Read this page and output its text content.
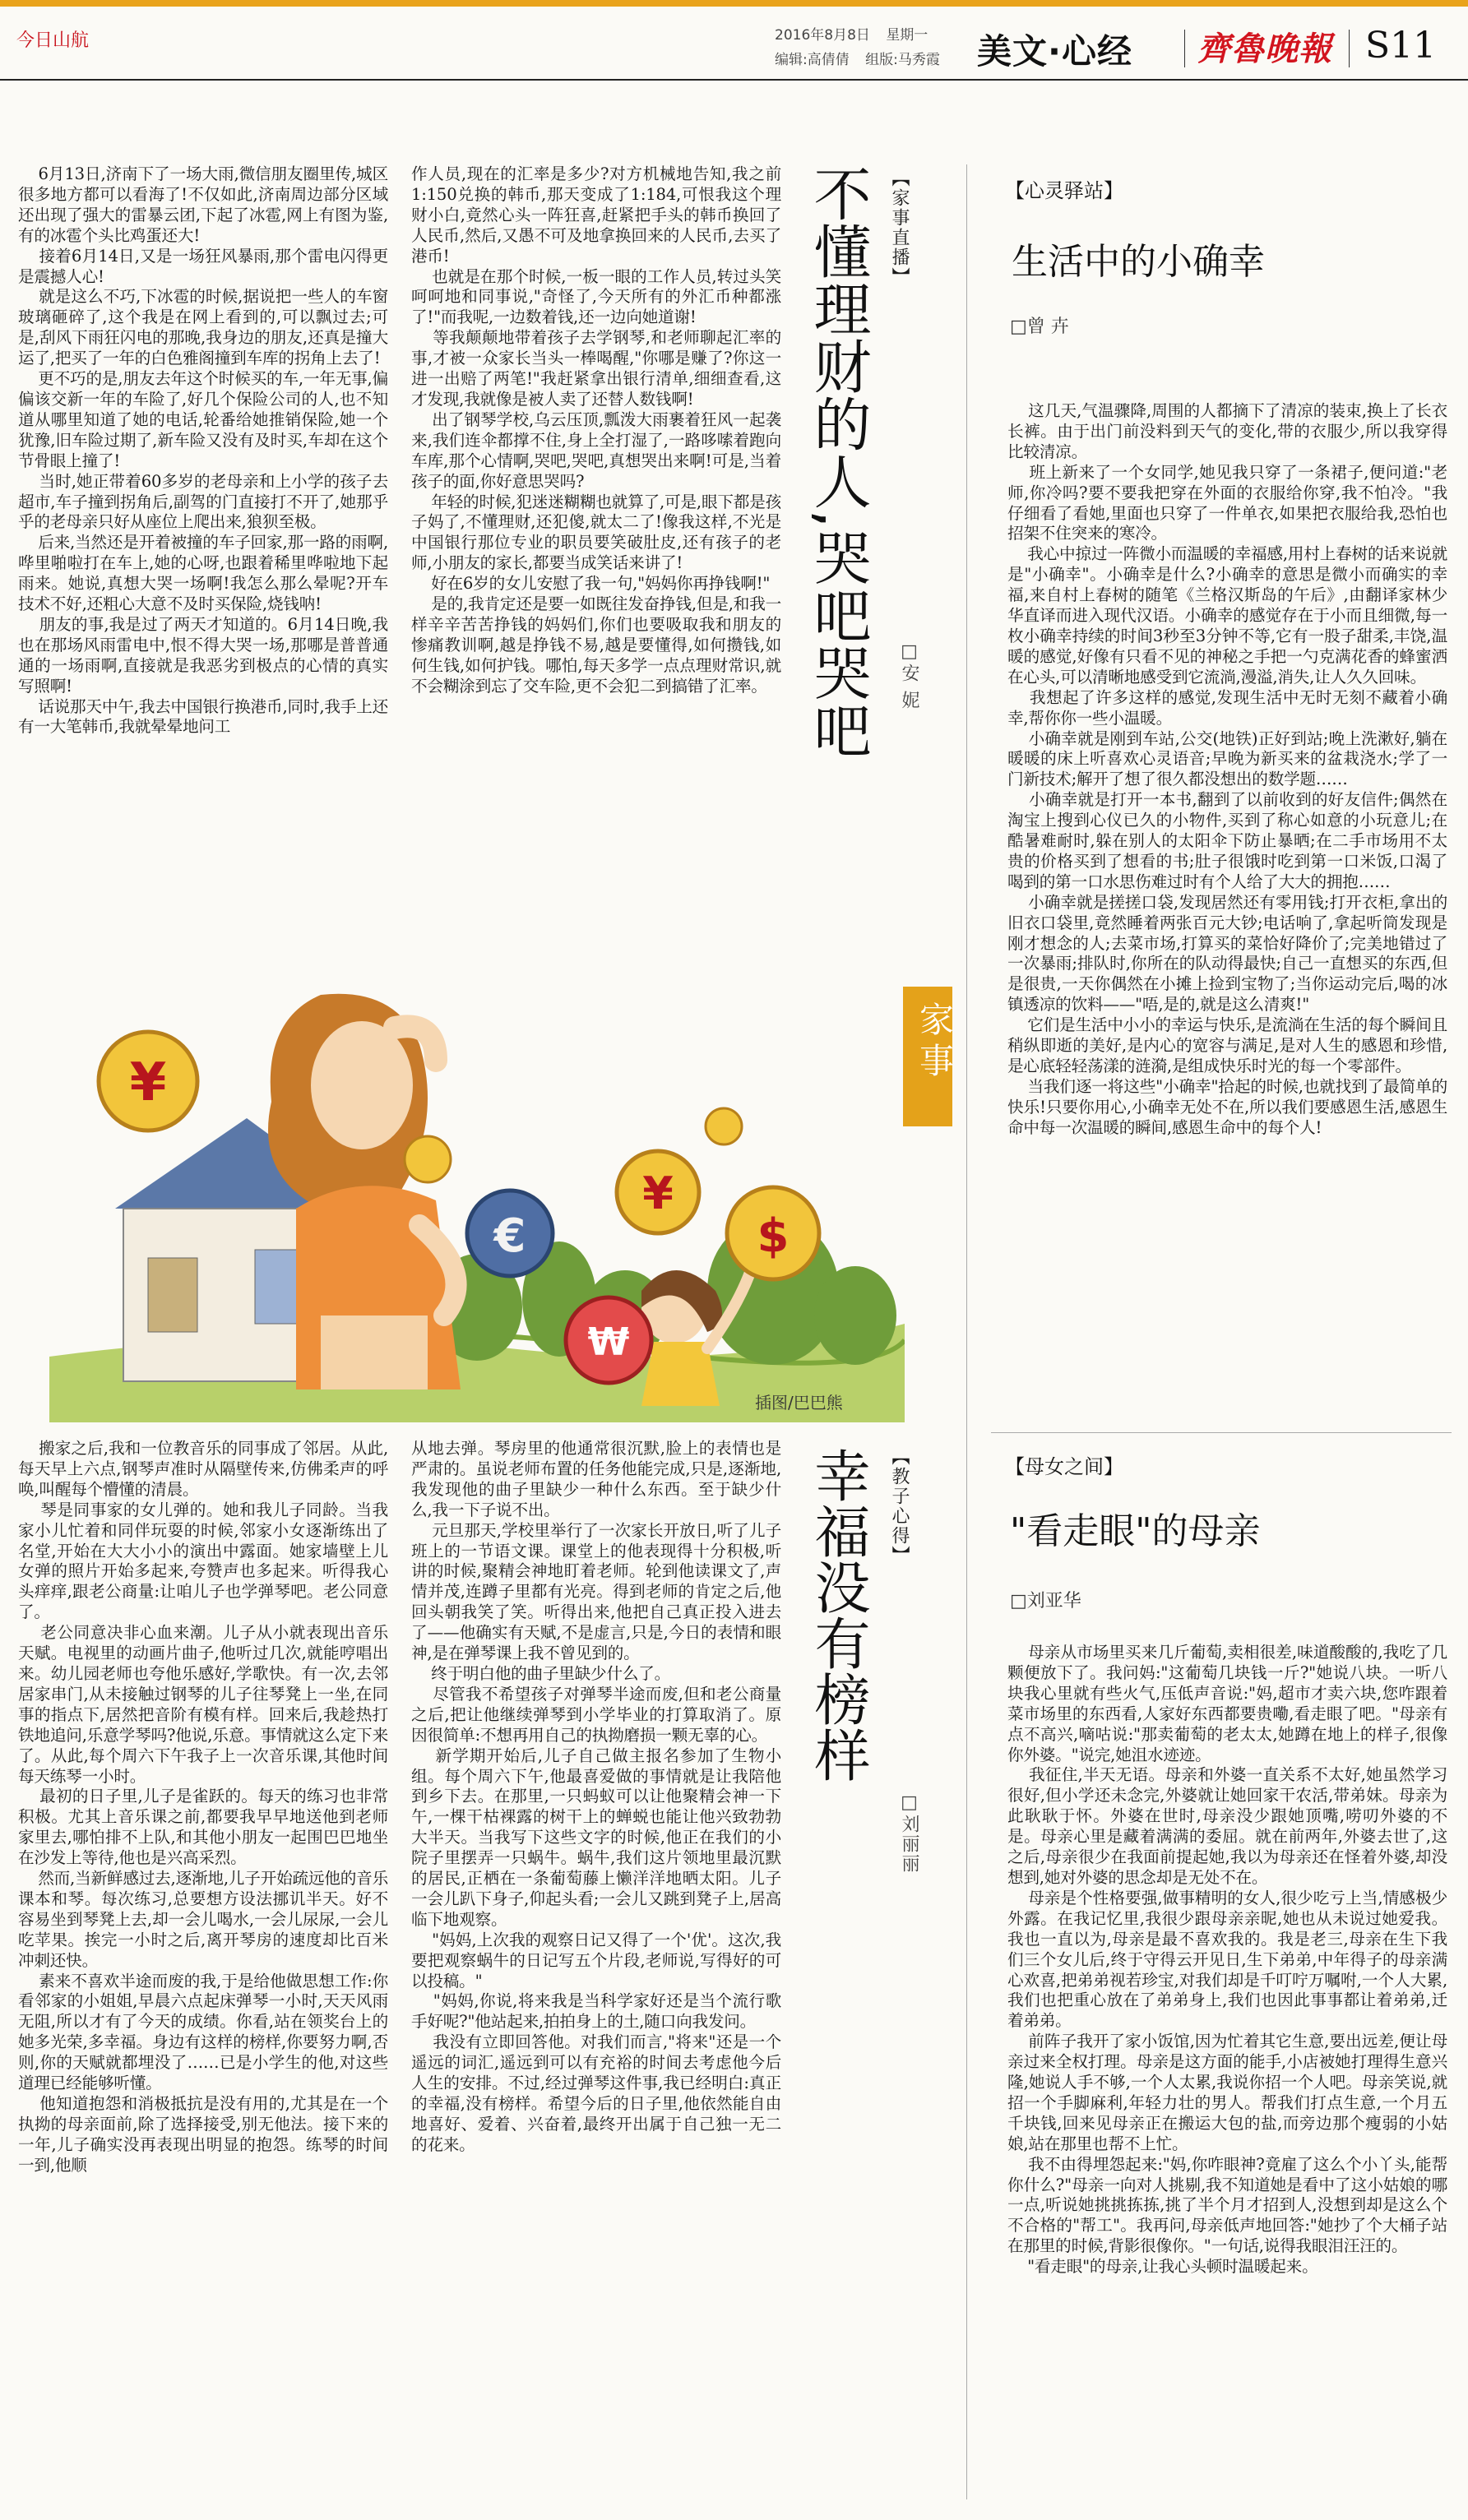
今日山航	2016年8月8日 星期一
编辑:高倩倩 组版:马秀霞 美文·心经 齊魯晚報 S11
6月13日,济南下了一场大雨,微信朋友圈里传,城区很多地方都可以看海了!不仅如此,济南周边部分区域还出现了强大的雷暴云团,下起了冰雹,网上有图为鉴,有的冰雹个头比鸡蛋还大!
接着6月14日,又是一场狂风暴雨,那个雷电闪得更是震撼人心!
就是这么不巧,下冰雹的时候,据说把一些人的车窗玻璃砸碎了,这个我是在网上看到的,可以飘过去;可是,刮风下雨狂闪电的那晚,我身边的朋友,还真是撞大运了,把买了一年的白色雅阁撞到车库的拐角上去了!
更不巧的是,朋友去年这个时候买的车,一年无事,偏偏该交新一年的车险了,好几个保险公司的人,也不知道从哪里知道了她的电话,轮番给她推销保险,她一个犹豫,旧车险过期了,新车险又没有及时买,车却在这个节骨眼上撞了!
当时,她正带着60多岁的老母亲和上小学的孩子去超市,车子撞到拐角后,副驾的门直接打不开了,她那乎乎的老母亲只好从座位上爬出来,狼狈至极。
后来,当然还是开着被撞的车子回家,那一路的雨啊,哗里啪啦打在车上,她的心呀,也跟着稀里哗啦地下起雨来。她说,真想大哭一场啊!我怎么那么晕呢?开车技术不好,还粗心大意不及时买保险,烧钱呐!
朋友的事,我是过了两天才知道的。6月14日晚,我也在那场风雨雷电中,恨不得大哭一场,那哪是普普通通的一场雨啊,直接就是我恶劣到极点的心情的真实写照啊!
话说那天中午,我去中国银行换港币,同时,我手上还有一大笔韩币,我就晕晕地问工
作人员,现在的汇率是多少?对方机械地告知,我之前1:150兑换的韩币,那天变成了1:184,可恨我这个理财小白,竟然心头一阵狂喜,赶紧把手头的韩币换回了人民币,然后,又愚不可及地拿换回来的人民币,去买了港币!
也就是在那个时候,一板一眼的工作人员,转过头笑呵呵地和同事说,"奇怪了,今天所有的外汇币种都涨了!"而我呢,一边数着钱,还一边向她道谢!
等我颠颠地带着孩子去学钢琴,和老师聊起汇率的事,才被一众家长当头一棒喝醒,"你哪是赚了?你这一进一出赔了两笔!"我赶紧拿出银行清单,细细查看,这才发现,我就像是被人卖了还替人数钱啊!
出了钢琴学校,乌云压顶,瓢泼大雨裹着狂风一起袭来,我们连伞都撑不住,身上全打湿了,一路哆嗦着跑向车库,那个心情啊,哭吧,哭吧,真想哭出来啊!可是,当着孩子的面,你好意思哭吗?
年轻的时候,犯迷迷糊糊也就算了,可是,眼下都是孩子妈了,不懂理财,还犯傻,就太二了!像我这样,不光是中国银行那位专业的职员要笑破肚皮,还有孩子的老师,小朋友的家长,都要当成笑话来讲了!
好在6岁的女儿安慰了我一句,"妈妈你再挣钱啊!"
是的,我肯定还是要一如既往发奋挣钱,但是,和我一样辛辛苦苦挣钱的妈妈们,你们也要吸取我和朋友的惨痛教训啊,越是挣钱不易,越是要懂得,如何攒钱,如何生钱,如何护钱。哪怕,每天多学一点点理财常识,就不会糊涂到忘了交车险,更不会犯二到搞错了汇率。 不懂理财的人,哭吧哭吧 【家事直播】
□安 妮
家事
¥
€
¥
$
₩
插图/巴巴熊
搬家之后,我和一位教音乐的同事成了邻居。从此,每天早上六点,钢琴声准时从隔壁传来,仿佛柔声的呼唤,叫醒每个懵懂的清晨。
琴是同事家的女儿弹的。她和我儿子同龄。当我家小儿忙着和同伴玩耍的时候,邻家小女逐渐练出了名堂,开始在大大小小的演出中露面。她家墙壁上儿女弹的照片开始多起来,夸赞声也多起来。听得我心头痒痒,跟老公商量:让咱儿子也学弹琴吧。老公同意了。
老公同意决非心血来潮。儿子从小就表现出音乐天赋。电视里的动画片曲子,他听过几次,就能哼唱出来。幼儿园老师也夸他乐感好,学歌快。有一次,去邻居家串门,从未接触过钢琴的儿子往琴凳上一坐,在同事的指点下,居然把音阶有模有样。回来后,我趁热打铁地追问,乐意学琴吗?他说,乐意。事情就这么定下来了。从此,每个周六下午我子上一次音乐课,其他时间每天练琴一小时。
最初的日子里,儿子是雀跃的。每天的练习也非常积极。尤其上音乐课之前,都要我早早地送他到老师家里去,哪怕排不上队,和其他小朋友一起围巴巴地坐在沙发上等待,他也是兴高采烈。
然而,当新鲜感过去,逐渐地,儿子开始疏远他的音乐课本和琴。每次练习,总要想方设法挪讥半天。好不容易坐到琴凳上去,却一会儿喝水,一会儿尿尿,一会儿吃苹果。挨完一小时之后,离开琴房的速度却比百米冲刺还快。
素来不喜欢半途而废的我,于是给他做思想工作:你看邻家的小姐姐,早晨六点起床弹琴一小时,天天风雨无阻,所以才有了今天的成绩。你看,站在领奖台上的她多光荣,多幸福。身边有这样的榜样,你要努力啊,否则,你的天赋就都埋没了……已是小学生的他,对这些道理已经能够听懂。
他知道抱怨和消极抵抗是没有用的,尤其是在一个执拗的母亲面前,除了选择接受,别无他法。接下来的一年,儿子确实没再表现出明显的抱怨。练琴的时间一到,他顺
从地去弹。琴房里的他通常很沉默,脸上的表情也是严肃的。虽说老师布置的任务他能完成,只是,逐渐地,我发现他的曲子里缺少一种什么东西。至于缺少什么,我一下子说不出。
元旦那天,学校里举行了一次家长开放日,听了儿子班上的一节语文课。课堂上的他表现得十分积极,听讲的时候,聚精会神地盯着老师。轮到他读课文了,声情并茂,连蹲子里都有光亮。得到老师的肯定之后,他回头朝我笑了笑。听得出来,他把自己真正投入进去了——他确实有天赋,不是虚言,只是,今日的表情和眼神,是在弹琴课上我不曾见到的。
终于明白他的曲子里缺少什么了。
尽管我不希望孩子对弹琴半途而废,但和老公商量之后,把让他继续弹琴到小学毕业的打算取消了。原因很简单:不想再用自己的执拗磨损一颗无辜的心。
新学期开始后,儿子自己做主报名参加了生物小组。每个周六下午,他最喜爱做的事情就是让我陪他到乡下去。在那里,一只蚂蚁可以让他聚精会神一下午,一棵干枯裸露的树干上的蝉蜕也能让他兴致勃勃大半天。当我写下这些文字的时候,他正在我们的小院子里摆弄一只蜗牛。蜗牛,我们这片领地里最沉默的居民,正栖在一条葡萄藤上懒洋洋地晒太阳。儿子一会儿趴下身子,仰起头看;一会儿又跳到凳子上,居高临下地观察。
"妈妈,上次我的观察日记又得了一个'优'。这次,我要把观察蜗牛的日记写五个片段,老师说,写得好的可以投稿。"
"妈妈,你说,将来我是当科学家好还是当个流行歌手好呢?"他站起来,拍拍身上的土,随口向我发问。
我没有立即回答他。对我们而言,"将来"还是一个遥远的词汇,遥远到可以有充裕的时间去考虑他今后人生的安排。不过,经过弹琴这件事,我已经明白:真正的幸福,没有榜样。希望今后的日子里,他依然能自由地喜好、爱着、兴奋着,最终开出属于自己独一无二的花来。
幸福没有榜样 【教子心得】
□刘丽丽
【心灵驿站】
生活中的小确幸
□曾 卉
这几天,气温骤降,周围的人都摘下了清凉的装束,换上了长衣长裤。由于出门前没料到天气的变化,带的衣服少,所以我穿得比较清凉。
班上新来了一个女同学,她见我只穿了一条裙子,便问道:"老师,你冷吗?要不要我把穿在外面的衣服给你穿,我不怕冷。"我仔细看了看她,里面也只穿了一件单衣,如果把衣服给我,恐怕也招架不住突来的寒冷。
我心中掠过一阵微小而温暖的幸福感,用村上春树的话来说就是"小确幸"。小确幸是什么?小确幸的意思是微小而确实的幸福,来自村上春树的随笔《兰格汉斯岛的午后》,由翻译家林少华直译而进入现代汉语。小确幸的感觉存在于小而且细微,每一枚小确幸持续的时间3秒至3分钟不等,它有一股子甜柔,丰饶,温暖的感觉,好像有只看不见的神秘之手把一勺克满花香的蜂蜜洒在心头,可以清晰地感受到它流淌,漫溢,消失,让人久久回味。
我想起了许多这样的感觉,发现生活中无时无刻不藏着小确幸,帮你你一些小温暖。
小确幸就是刚到车站,公交(地铁)正好到站;晚上洗漱好,躺在暖暖的床上听喜欢心灵语音;早晚为新买来的盆栽浇水;学了一门新技术;解开了想了很久都没想出的数学题……
小确幸就是打开一本书,翻到了以前收到的好友信件;偶然在淘宝上搜到心仪已久的小物件,买到了称心如意的小玩意儿;在酷暑难耐时,躲在别人的太阳伞下防止暴晒;在二手市场用不太贵的价格买到了想看的书;肚子很饿时吃到第一口米饭,口渴了喝到的第一口水思伤难过时有个人给了大大的拥抱……
小确幸就是搓搓口袋,发现居然还有零用钱;打开衣柜,拿出的旧衣口袋里,竟然睡着两张百元大钞;电话响了,拿起听筒发现是刚才想念的人;去菜市场,打算买的菜恰好降价了;完美地错过了一次暴雨;排队时,你所在的队动得最快;自己一直想买的东西,但是很贵,一天你偶然在小摊上捡到宝物了;当你运动完后,喝的冰镇透凉的饮料——"唔,是的,就是这么清爽!"
它们是生活中小小的幸运与快乐,是流淌在生活的每个瞬间且稍纵即逝的美好,是内心的宽容与满足,是对人生的感恩和珍惜,是心底轻轻荡漾的涟漪,是组成快乐时光的每一个零部件。
当我们逐一将这些"小确幸"拾起的时候,也就找到了最简单的快乐!只要你用心,小确幸无处不在,所以我们要感恩生活,感恩生命中每一次温暖的瞬间,感恩生命中的每个人!
【母女之间】
"看走眼"的母亲
□刘亚华
母亲从市场里买来几斤葡萄,卖相很差,味道酸酸的,我吃了几颗便放下了。我问妈:"这葡萄几块钱一斤?"她说八块。一听八块我心里就有些火气,压低声音说:"妈,超市才卖六块,您咋跟着菜市场里的东西看,人家好东西都要贵嘞,看走眼了吧。"母亲有点不高兴,嘀咕说:"那卖葡萄的老太太,她蹲在地上的样子,很像你外婆。"说完,她沮水迹迹。
我征住,半天无语。母亲和外婆一直关系不太好,她虽然学习很好,但小学还未念完,外婆就让她回家干农活,带弟妹。母亲为此耿耿于怀。外婆在世时,母亲没少跟她顶嘴,唠叨外婆的不是。母亲心里是藏着满满的委屈。就在前两年,外婆去世了,这之后,母亲很少在我面前提起她,我以为母亲还在怪着外婆,却没想到,她对外婆的思念却是无处不在。
母亲是个性格要强,做事精明的女人,很少吃亏上当,情感极少外露。在我记忆里,我很少跟母亲亲昵,她也从未说过她爱我。我也一直以为,母亲是最不喜欢我的。我是老三,母亲在生下我们三个女儿后,终于守得云开见日,生下弟弟,中年得子的母亲满心欢喜,把弟弟视若珍宝,对我们却是千叮咛万嘱咐,一个人大累,我们也把重心放在了弟弟身上,我们也因此事事都让着弟弟,迁着弟弟。
前阵子我开了家小饭馆,因为忙着其它生意,要出远差,便让母亲过来全权打理。母亲是这方面的能手,小店被她打理得生意兴隆,她说人手不够,一个人太累,我说你招一个人吧。母亲笑说,就招一个手脚麻利,年轻力壮的男人。帮我们打点生意,一个月五千块钱,回来见母亲正在搬运大包的盐,而旁边那个瘦弱的小姑娘,站在那里也帮不上忙。
我不由得埋怨起来:"妈,你咋眼神?竟雇了这么个小丫头,能帮你什么?"母亲一向对人挑剔,我不知道她是看中了这小姑娘的哪一点,听说她挑挑拣拣,挑了半个月才招到人,没想到却是这么个不合格的"帮工"。我再问,母亲低声地回答:"她抄了个大桶子站在那里的时候,背影很像你。"一句话,说得我眼泪汪汪的。
"看走眼"的母亲,让我心头顿时温暖起来。
